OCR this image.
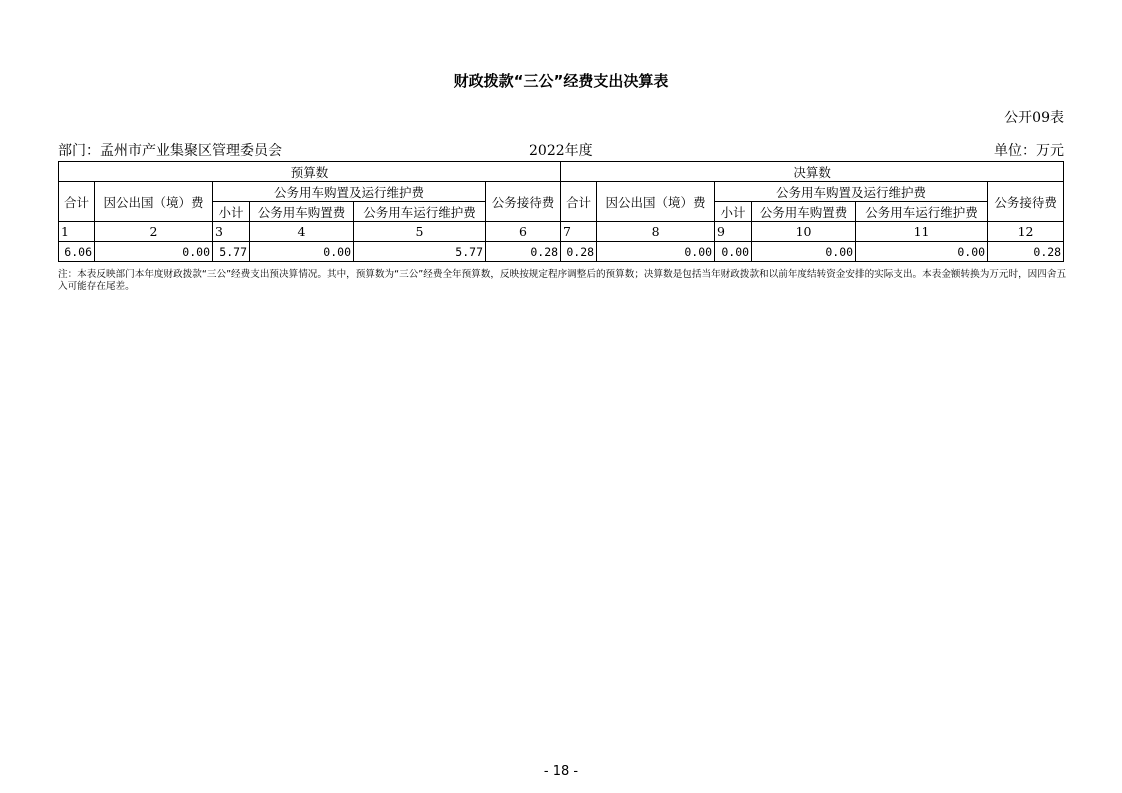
财政拨款“三公”经费支出决算表
公开09表
部门：孟州市产业集聚区管理委员会	2022年度	单位：万元
预算数						决算数					
合计	因公出国（境）费	公务用车购置及运行维护费			公务接待费	合计	因公出国（境）费	公务用车购置及运行维护费			公务接待费
		小计	公务用车购置费	公务用车运行维护费				小计	公务用车购置费	公务用车运行维护费	
1	2	3	4	5	6	7	8	9	10	11	12
6.06	0.00	5.77	0.00	5.77	0.28	0.28	0.00	0.00	0.00	0.00	0.28
注：本表反映部门本年度财政拨款“三公”经费支出预决算情况。其中，预算数为“三公”经费全年预算数，反映按规定程序调整后的预算数；决算数是包括当年财政拨款和以前年度结转资金安排的实际支出。本表金额转换为万元时，因四舍五入可能存在尾差。
- 18 -
